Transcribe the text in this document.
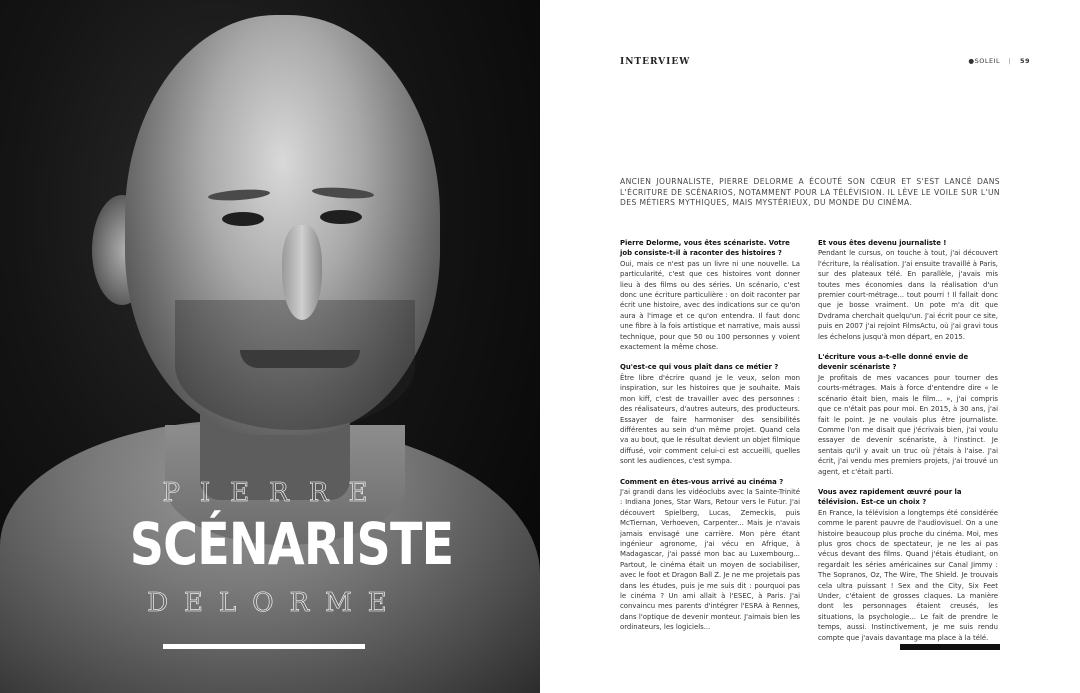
PIERRE
SCÉNARISTE
DELORME
INTERVIEW	●SOLEIL | 59
ANCIEN JOURNALISTE, PIERRE DELORME A ÉCOUTÉ SON CŒUR ET S'EST LANCÉ DANS L'ÉCRITURE DE SCÉNARIOS, NOTAMMENT POUR LA TÉLÉVISION. IL LÈVE LE VOILE SUR L'UN DES MÉTIERS MYTHIQUES, MAIS MYSTÉRIEUX, DU MONDE DU CINÉMA.
Pierre Delorme, vous êtes scénariste. Votre job consiste-t-il à raconter des histoires ?
Oui, mais ce n'est pas un livre ni une nouvelle. La particularité, c'est que ces histoires vont donner lieu à des films ou des séries. Un scénario, c'est donc une écriture particulière : on doit raconter par écrit une histoire, avec des indications sur ce qu'on aura à l'image et ce qu'on entendra. Il faut donc une fibre à la fois artistique et narrative, mais aussi technique, pour que 50 ou 100 personnes y voient exactement la même chose.
Qu'est-ce qui vous plaît dans ce métier ?
Être libre d'écrire quand je le veux, selon mon inspiration, sur les histoires que je souhaite. Mais mon kiff, c'est de travailler avec des personnes : des réalisateurs, d'autres auteurs, des producteurs. Essayer de faire harmoniser des sensibilités différentes au sein d'un même projet. Quand cela va au bout, que le résultat devient un objet filmique diffusé, voir comment celui-ci est accueilli, quelles sont les audiences, c'est sympa.
Comment en êtes-vous arrivé au cinéma ?
J'ai grandi dans les vidéoclubs avec la Sainte-Trinité : Indiana Jones, Star Wars, Retour vers le Futur. J'ai découvert Spielberg, Lucas, Zemeckis, puis McTiernan, Verhoeven, Carpenter... Mais je n'avais jamais envisagé une carrière. Mon père étant ingénieur agronome, j'ai vécu en Afrique, à Madagascar, j'ai passé mon bac au Luxembourg... Partout, le cinéma était un moyen de sociabiliser, avec le foot et Dragon Ball Z. Je ne me projetais pas dans les études, puis je me suis dit : pourquoi pas le cinéma ? Un ami allait à l'ESEC, à Paris. J'ai convaincu mes parents d'intégrer l'ESRA à Rennes, dans l'optique de devenir monteur. J'aimais bien les ordinateurs, les logiciels...
Et vous êtes devenu journaliste !
Pendant le cursus, on touche à tout, j'ai découvert l'écriture, la réalisation. J'ai ensuite travaillé à Paris, sur des plateaux télé. En parallèle, j'avais mis toutes mes économies dans la réalisation d'un premier court-métrage... tout pourri ! Il fallait donc que je bosse vraiment. Un pote m'a dit que Dvdrama cherchait quelqu'un. J'ai écrit pour ce site, puis en 2007 j'ai rejoint FilmsActu, où j'ai gravi tous les échelons jusqu'à mon départ, en 2015.
L'écriture vous a-t-elle donné envie de devenir scénariste ?
Je profitais de mes vacances pour tourner des courts-métrages. Mais à force d'entendre dire « le scénario était bien, mais le film... », j'ai compris que ce n'était pas pour moi. En 2015, à 30 ans, j'ai fait le point. Je ne voulais plus être journaliste. Comme l'on me disait que j'écrivais bien, j'ai voulu essayer de devenir scénariste, à l'instinct. Je sentais qu'il y avait un truc où j'étais à l'aise. J'ai écrit, j'ai vendu mes premiers projets, j'ai trouvé un agent, et c'était parti.
Vous avez rapidement œuvré pour la télévision. Est-ce un choix ?
En France, la télévision a longtemps été considérée comme le parent pauvre de l'audiovisuel. On a une histoire beaucoup plus proche du cinéma. Moi, mes plus gros chocs de spectateur, je ne les ai pas vécus devant des films. Quand j'étais étudiant, on regardait les séries américaines sur Canal Jimmy : The Sopranos, Oz, The Wire, The Shield. Je trouvais cela ultra puissant ! Sex and the City, Six Feet Under, c'étaient de grosses claques. La manière dont les personnages étaient creusés, les situations, la psychologie... Le fait de prendre le temps, aussi. Instinctivement, je me suis rendu compte que j'avais davantage ma place à la télé.
